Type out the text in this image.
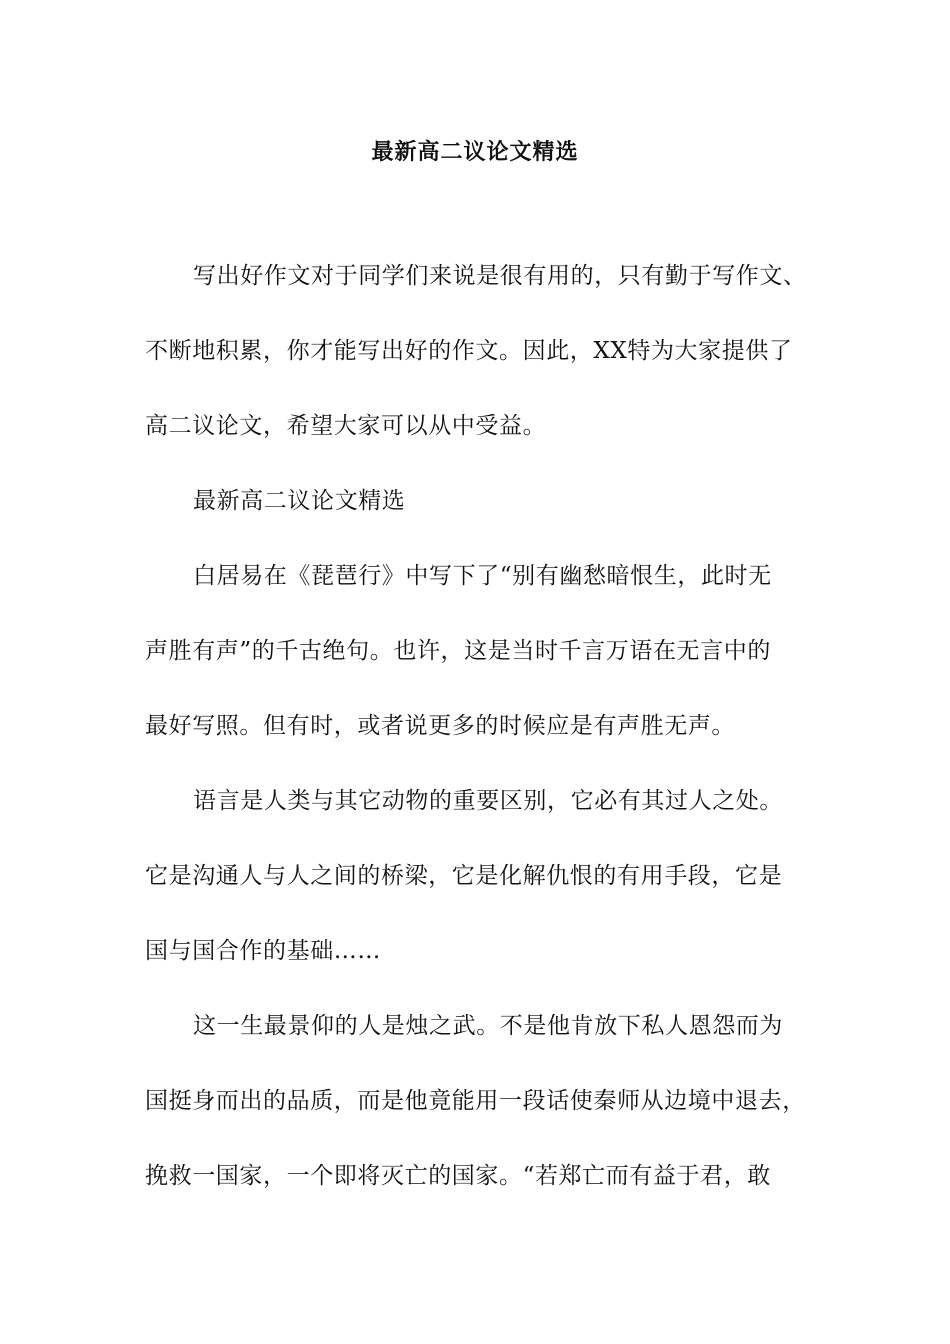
最新高二议论文精选
写出好作文对于同学们来说是很有用的，只有勤于写作文、
不断地积累，你才能写出好的作文。因此，XX特为大家提供了
高二议论文，希望大家可以从中受益。
最新高二议论文精选
白居易在《琵琶行》中写下了“别有幽愁暗恨生，此时无
声胜有声”的千古绝句。也许，这是当时千言万语在无言中的
最好写照。但有时，或者说更多的时候应是有声胜无声。
语言是人类与其它动物的重要区别，它必有其过人之处。
它是沟通人与人之间的桥梁，它是化解仇恨的有用手段，它是
国与国合作的基础……
这一生最景仰的人是烛之武。不是他肯放下私人恩怨而为
国挺身而出的品质，而是他竟能用一段话使秦师从边境中退去，
挽救一国家，一个即将灭亡的国家。“若郑亡而有益于君，敢
